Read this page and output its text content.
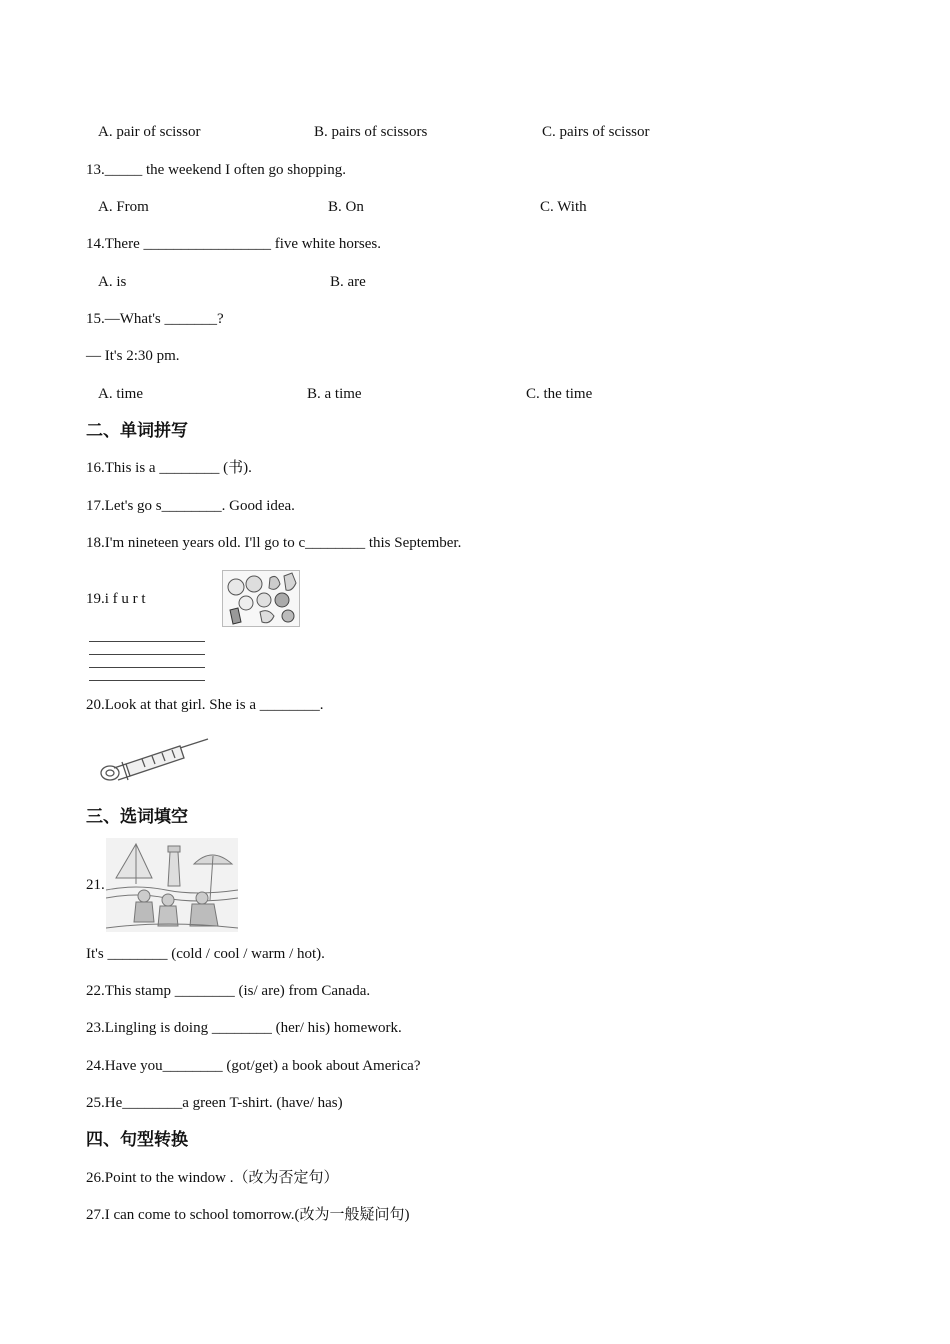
A. pair of scissor	B. pairs of scissors	C. pairs of scissor
13._____ the weekend I often go shopping.
A. From	B. On	C. With
14.There _________________ five white horses.
A. is	B. are
15.—What's _______?
— It's 2:30 pm.
A. time	B. a time	C. the time
二、单词拼写
16.This is a ________ (书).
17.Let's go s________. Good idea.
18.I'm nineteen years old. I'll go to c________ this September.
19.i f u r t
20.Look at that girl. She is a ________.
三、选词填空
21.
It's ________ (cold / cool / warm / hot).
22.This stamp ________ (is/ are) from Canada.
23.Lingling is doing ________ (her/ his) homework.
24.Have you________ (got/get) a book about America?
25.He________a green T-shirt. (have/ has)
四、句型转换
26.Point to the window .（改为否定句）
27.I can come to school tomorrow.(改为一般疑问句)
